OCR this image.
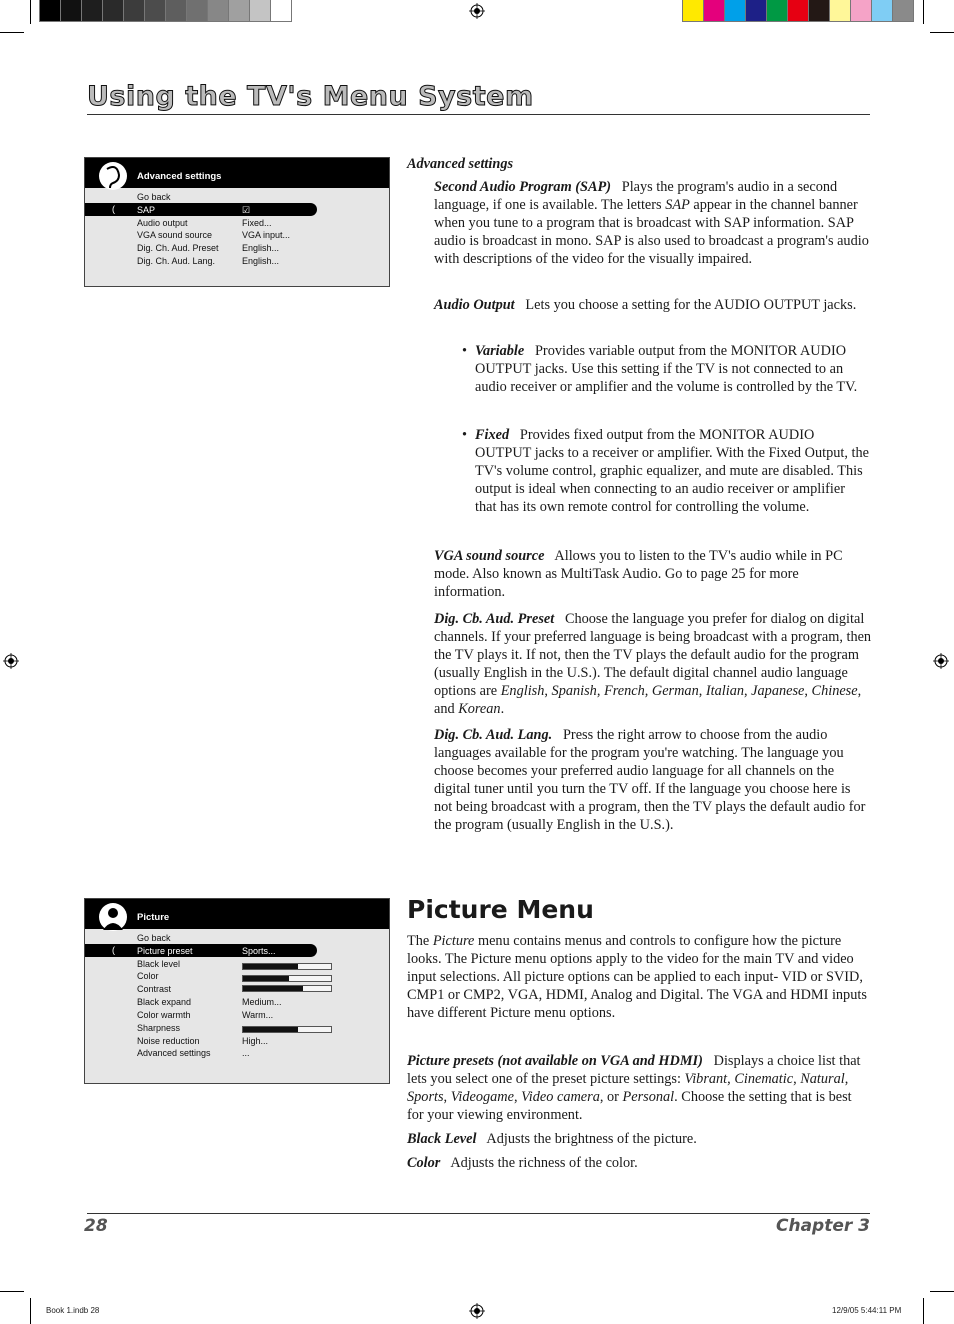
Using the TV's Menu System
Advanced settings
(
Go back
SAP	☑
Audio output	Fixed...
VGA sound source	VGA input...
Dig. Ch. Aud. Preset	English...
Dig. Ch. Aud. Lang.	English...

Advanced settings

Second Audio Program (SAP) Plays the program's audio in a second language, if one is available. The letters SAP appear in the channel banner when you tune to a program that is broadcast with SAP information. SAP audio is broadcast in mono. SAP is also used to broadcast a program's audio with descriptions of the video for the visually impaired.

Audio Output Lets you choose a setting for the AUDIO OUTPUT jacks.

• Variable Provides variable output from the MONITOR AUDIO OUTPUT jacks. Use this setting if the TV is not connected to an audio receiver or amplifier and the volume is controlled by the TV.

• Fixed Provides fixed output from the MONITOR AUDIO OUTPUT jacks to a receiver or amplifier. With the Fixed Output, the TV's volume control, graphic equalizer, and mute are disabled. This output is ideal when connecting to an audio receiver or amplifier that has its own remote control for controlling the volume.

VGA sound source Allows you to listen to the TV's audio while in PC mode. Also known as MultiTask Audio. Go to page 25 for more information.

Dig. Cb. Aud. Preset Choose the language you prefer for dialog on digital channels. If your preferred language is being broadcast with a program, then the TV plays it. If not, then the TV plays the default audio for the program (usually English in the U.S.). The default digital channel audio language options are English, Spanish, French, German, Italian, Japanese, Chinese, and Korean.

Dig. Cb. Aud. Lang. Press the right arrow to choose from the audio languages available for the program you're watching. The language you choose becomes your preferred audio language for all channels on the digital tuner until you turn the TV off. If the language you choose here is not being broadcast with a program, then the TV plays the default audio for the program (usually English in the U.S.).

Picture
(
Go back
Picture preset	Sports...
Black level
Color
Contrast
Black expand	Medium...
Color warmth	Warm...
Sharpness
Noise reduction	High...
Advanced settings	...
Picture Menu

The Picture menu contains menus and controls to configure how the picture looks. The Picture menu options apply to the video for the main TV and video input selections. All picture options can be applied to each input- VID or SVID, CMP1 or CMP2, VGA, HDMI, Analog and Digital. The VGA and HDMI inputs have different Picture menu options.

Picture presets (not available on VGA and HDMI) Displays a choice list that lets you select one of the preset picture settings: Vibrant, Cinematic, Natural, Sports, Videogame, Video camera, or Personal. Choose the setting that is best for your viewing environment.

Black Level Adjusts the brightness of the picture.

Color Adjusts the richness of the color.

28	Chapter 3
Book 1.indb 28	12/9/05 5:44:11 PM
